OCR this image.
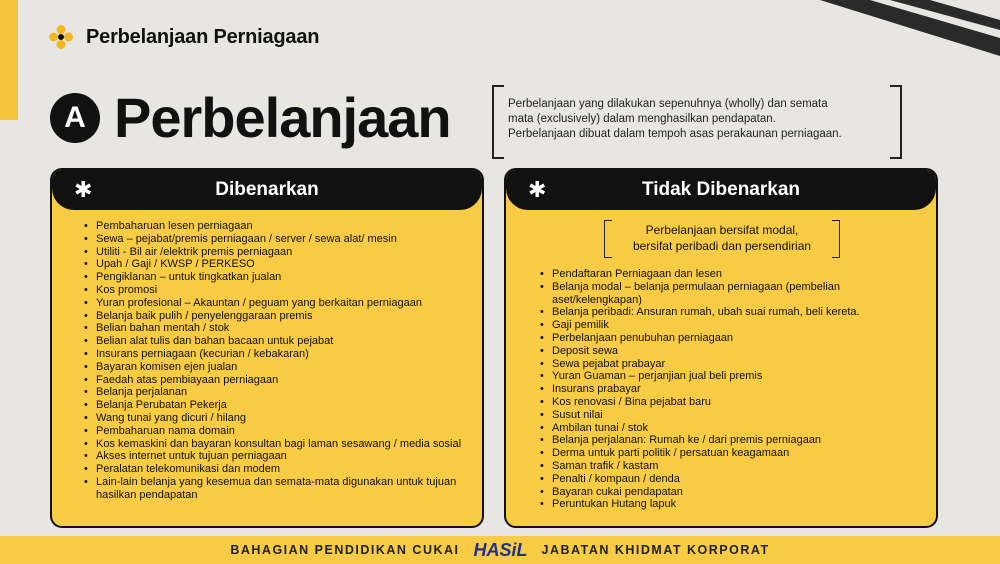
Perbelanjaan Perniagaan
A Perbelanjaan	Perbelanjaan yang dilakukan sepenuhnya (wholly) dan semata
mata (exclusively) dalam menghasilkan pendapatan.
Perbelanjaan dibuat dalam tempoh asas perakaunan perniagaan.

✱	Dibenarkan
• Pembaharuan lesen perniagaan
• Sewa – pejabat/premis perniagaan / server / sewa alat/ mesin
• Utiliti - Bil air /elektrik premis perniagaan
• Upah / Gaji / KWSP / PERKESO
• Pengiklanan – untuk tingkatkan jualan
• Kos promosi
• Yuran profesional – Akauntan / peguam yang berkaitan perniagaan
• Belanja baik pulih / penyelenggaraan premis
• Belian bahan mentah / stok
• Belian alat tulis dan bahan bacaan untuk pejabat
• Insurans perniagaan (kecurian / kebakaran)
• Bayaran komisen ejen jualan
• Faedah atas pembiayaan perniagaan
• Belanja perjalanan
• Belanja Perubatan Pekerja
• Wang tunai yang dicuri / hilang
• Pembaharuan nama domain
• Kos kemaskini dan bayaran konsultan bagi laman sesawang / media sosial
• Akses internet untuk tujuan perniagaan
• Peralatan telekomunikasi dan modem
• Lain-lain belanja yang kesemua dan semata-mata digunakan untuk tujuan hasilkan pendapatan
✱	Tidak Dibenarkan

Perbelanjaan bersifat modal,
bersifat peribadi dan persendirian

• Pendaftaran Perniagaan dan lesen
• Belanja modal – belanja permulaan perniagaan (pembelian aset/kelengkapan)
• Belanja peribadi: Ansuran rumah, ubah suai rumah, beli kereta.
• Gaji pemilik
• Perbelanjaan penubuhan perniagaan
• Deposit sewa
• Sewa pejabat prabayar
• Yuran Guaman – perjanjian jual beli premis
• Insurans prabayar
• Kos renovasi / Bina pejabat baru
• Susut nilai
• Ambilan tunai / stok
• Belanja perjalanan: Rumah ke / dari premis perniagaan
• Derma untuk parti politik / persatuan keagamaan
• Saman trafik / kastam
• Penalti / kompaun / denda
• Bayaran cukai pendapatan
• Peruntukan Hutang lapuk
BAHAGIAN PENDIDIKAN CUKAI HASiL JABATAN KHIDMAT KORPORAT
